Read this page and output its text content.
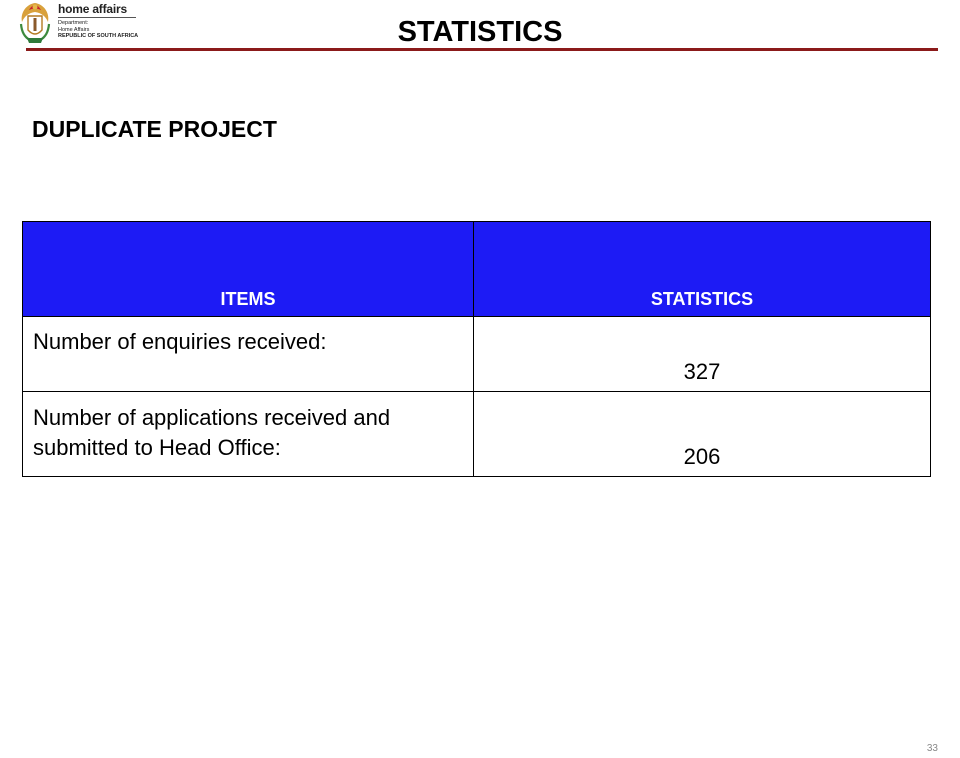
home affairs
Department:
Home Affairs
REPUBLIC OF SOUTH AFRICA	STATISTICS
DUPLICATE PROJECT
ITEMS	STATISTICS
Number of enquiries received:	327
Number of applications received and submitted to Head Office:	206
33
